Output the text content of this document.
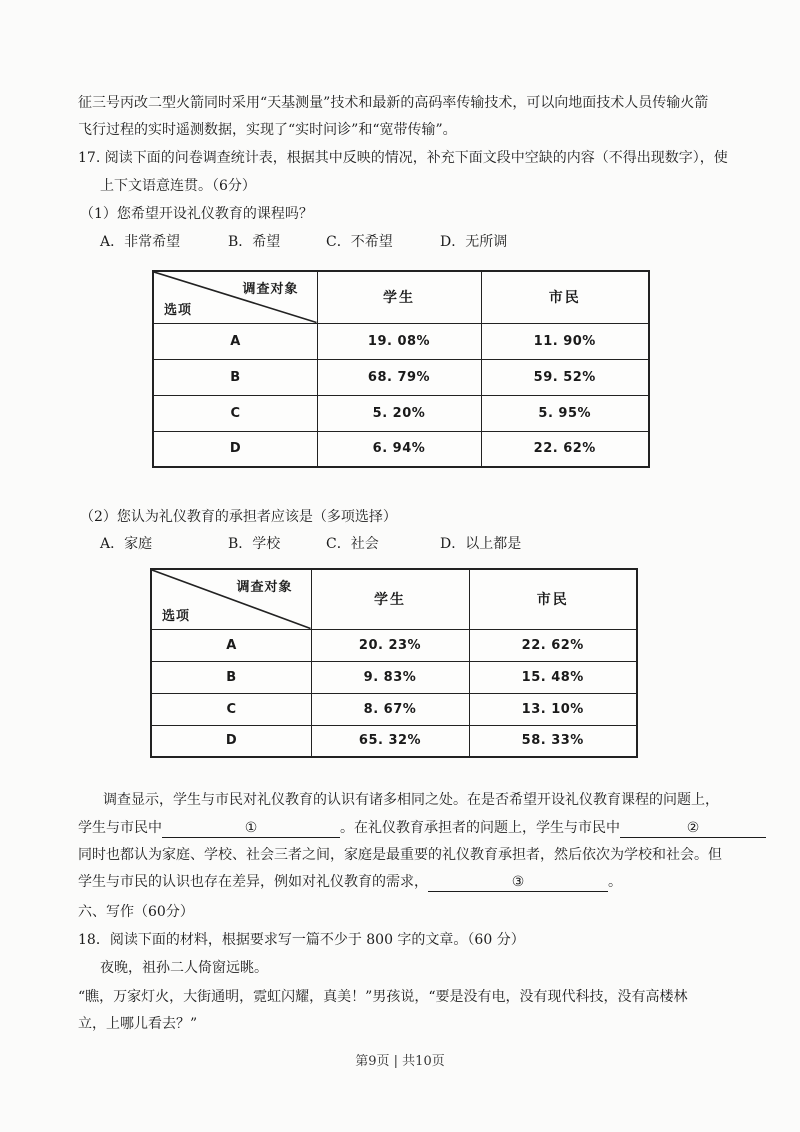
征三号丙改二型火箭同时采用“天基测量”技术和最新的高码率传输技术，可以向地面技术人员传输火箭
飞行过程的实时遥测数据，实现了“实时问诊”和“宽带传输”。
17. 阅读下面的问卷调查统计表，根据其中反映的情况，补充下面文段中空缺的内容（不得出现数字），使
上下文语意连贯。（6分）
（1）您希望开设礼仪教育的课程吗？
A．非常希望	B．希望	C．不希望	D．无所调
调查对象
选项	学生	市民
A	19. 08%	11. 90%
B	68. 79%	59. 52%
C	5. 20%	5. 95%
D	6. 94%	22. 62%
（2）您认为礼仪教育的承担者应该是（多项选择）
A．家庭	B．学校	C．社会	D．以上都是
调查对象
选项	学生	市民
A	20. 23%	22. 62%
B	9. 83%	15. 48%
C	8. 67%	13. 10%
D	65. 32%	58. 33%
调查显示，学生与市民对礼仪教育的认识有诸多相同之处。在是否希望开设礼仪教育课程的问题上，
学生与市民中	①	。在礼仪教育承担者的问题上，学生与市民中	②
同时也都认为家庭、学校、社会三者之间，家庭是最重要的礼仪教育承担者，然后依次为学校和社会。但
学生与市民的认识也存在差异，例如对礼仪教育的需求，	③	。
六、写作（60分）
18．阅读下面的材料，根据要求写一篇不少于 800 字的文章。（60 分）
夜晚，祖孙二人倚窗远眺。
“瞧，万家灯火，大街通明，霓虹闪耀，真美！”男孩说，“要是没有电，没有现代科技，没有高楼林
立，上哪儿看去？”
第9页 | 共10页
